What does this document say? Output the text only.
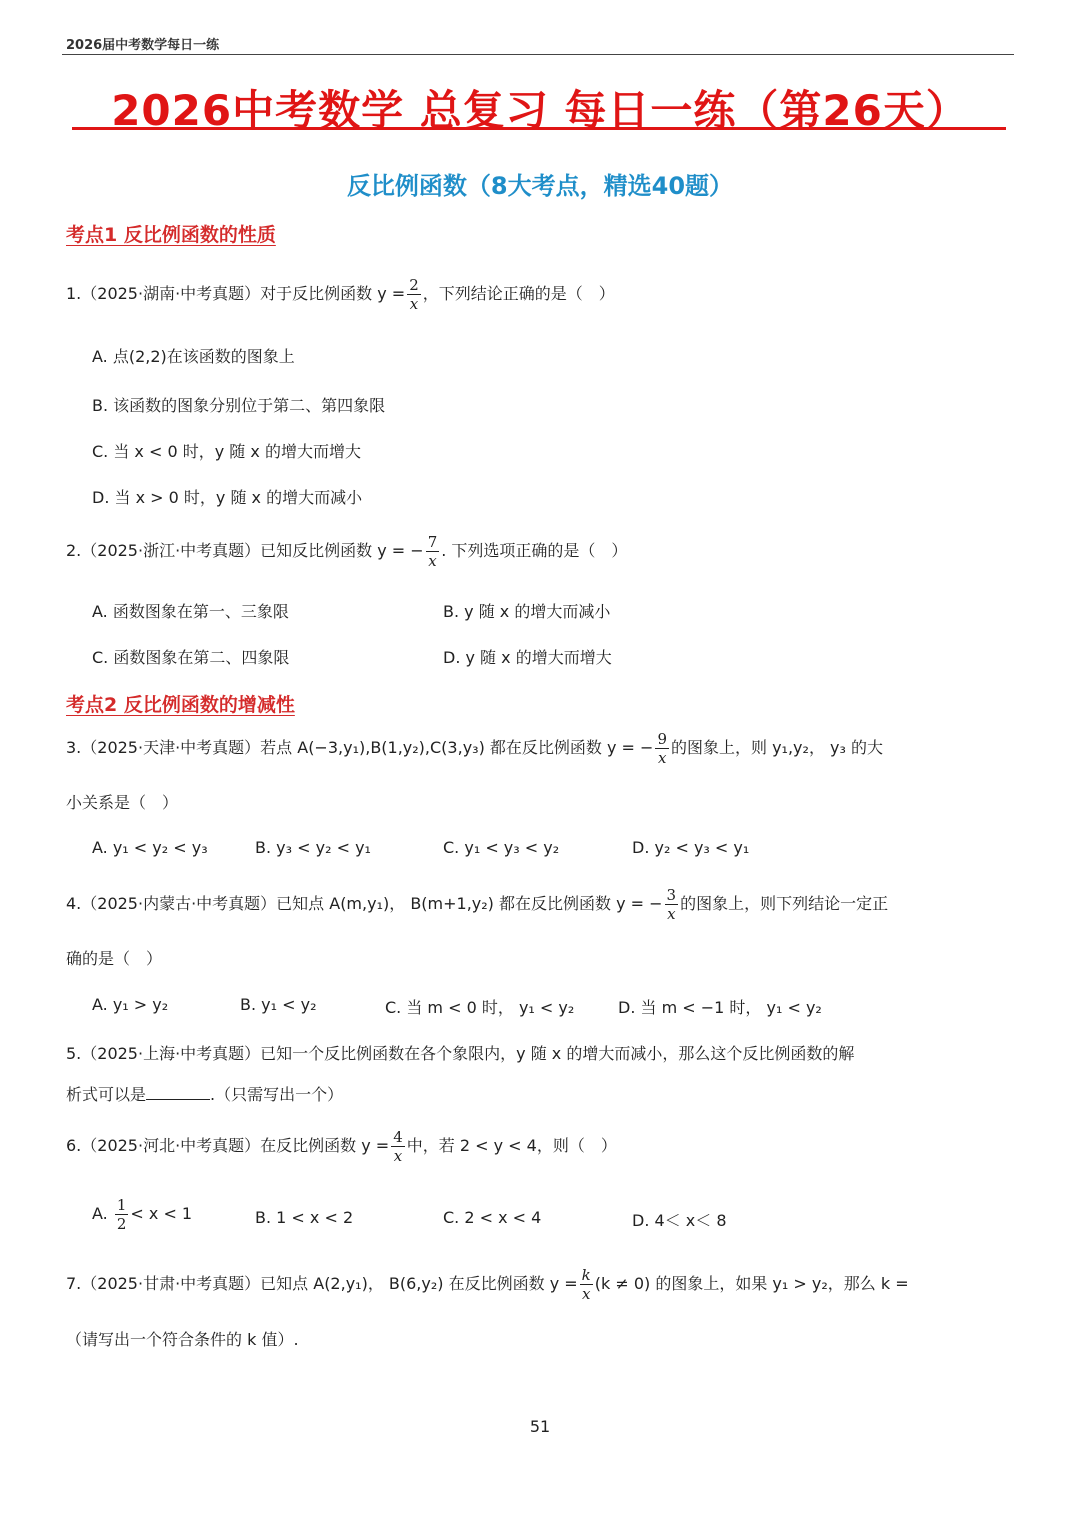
2026届中考数学每日一练
2026中考数学 总复习 每日一练（第26天）
反比例函数（8大考点，精选40题）
考点1 反比例函数的性质
1.（2025·湖南·中考真题）对于反比例函数 $y = \frac{2}{x}$ ，下列结论正确的是（　）
A. 点(2,2)在该函数的图象上
B. 该函数的图象分别位于第二、第四象限
C. 当 x < 0 时，y 随 x 的增大而增大
D. 当 x > 0 时，y 随 x 的增大而减小
2.（2025·浙江·中考真题）已知反比例函数 y = − $\frac{7}{x}$ . 下列选项正确的是（　）
A. 函数图象在第一、三象限	B. y 随 x 的增大而减小
C. 函数图象在第二、四象限	D. y 随 x 的增大而增大
考点2 反比例函数的增减性
3.（2025·天津·中考真题）若点 A(−3,y₁),B(1,y₂),C(3,y₃) 都在反比例函数 y = − $\frac{9}{x}$ 的图象上，则 y₁,y₂， y₃ 的大
小关系是（　）
A. y₁ < y₂ < y₃	B. y₃ < y₂ < y₁	C. y₁ < y₃ < y₂	D. y₂ < y₃ < y₁
4.（2025·内蒙古·中考真题）已知点 A(m,y₁)， B(m+1,y₂) 都在反比例函数 y = − $\frac{3}{x}$ 的图象上，则下列结论一定正
确的是（　）
A. y₁ > y₂	B. y₁ < y₂	C. 当 m < 0 时， y₁ < y₂	D. 当 m < −1 时， y₁ < y₂
5.（2025·上海·中考真题）已知一个反比例函数在各个象限内，y 随 x 的增大而减小，那么这个反比例函数的解
析式可以是	.（只需写出一个）
6.（2025·河北·中考真题）在反比例函数 $y = \frac{4}{x}$ 中，若 2 < y < 4，则（　）
A. $\frac{1}{2} < x < 1$	B. 1 < x < 2	C. 2 < x < 4	D. 4＜ x＜ 8
7.（2025·甘肃·中考真题）已知点 A(2,y₁)， B(6,y₂) 在反比例函数 $y = \frac{k}{x} (k \ne 0)$ 的图象上，如果 y₁ > y₂，那么 k =
（请写出一个符合条件的 k 值）.
51
